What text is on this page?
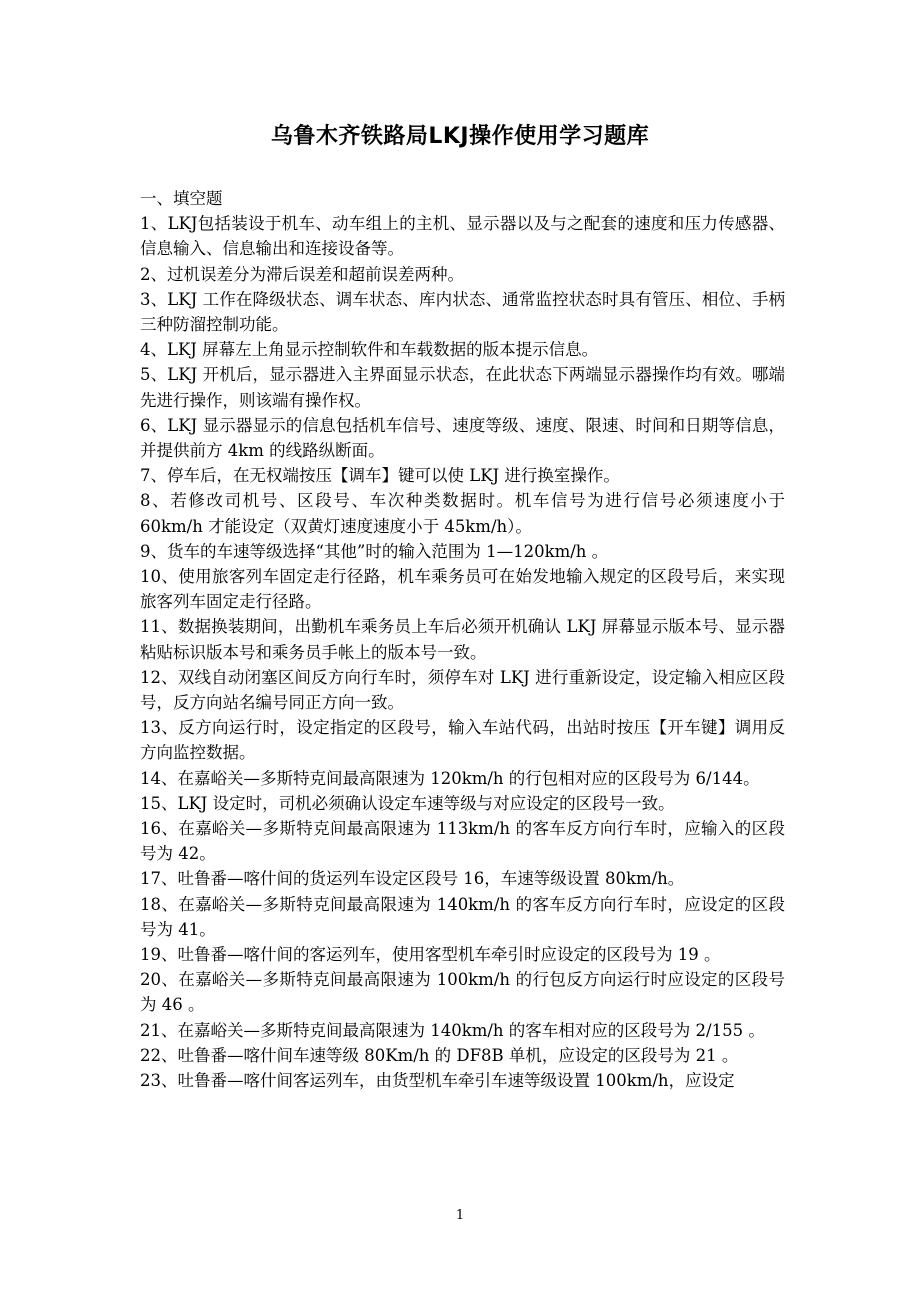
乌鲁木齐铁路局LKJ操作使用学习题库

一、填空题

1、LKJ包括装设于机车、动车组上的主机、显示器以及与之配套的速度和压力传感器、信息输入、信息输出和连接设备等。

2、过机误差分为滞后误差和超前误差两种。

3、LKJ 工作在降级状态、调车状态、库内状态、通常监控状态时具有管压、相位、手柄三种防溜控制功能。

4、LKJ 屏幕左上角显示控制软件和车载数据的版本提示信息。

5、LKJ 开机后，显示器进入主界面显示状态，在此状态下两端显示器操作均有效。哪端先进行操作，则该端有操作权。

6、LKJ 显示器显示的信息包括机车信号、速度等级、速度、限速、时间和日期等信息，并提供前方 4km 的线路纵断面。

7、停车后，在无权端按压【调车】键可以使 LKJ 进行换室操作。

8、若修改司机号、区段号、车次种类数据时。机车信号为进行信号必须速度小于 60km/h 才能设定（双黄灯速度速度小于 45km/h）。

9、货车的车速等级选择“其他”时的输入范围为 1—120km/h 。

10、使用旅客列车固定走行径路，机车乘务员可在始发地输入规定的区段号后，来实现旅客列车固定走行径路。

11、数据换装期间，出勤机车乘务员上车后必须开机确认 LKJ 屏幕显示版本号、显示器粘贴标识版本号和乘务员手帐上的版本号一致。

12、双线自动闭塞区间反方向行车时，须停车对 LKJ 进行重新设定，设定输入相应区段号，反方向站名编号同正方向一致。

13、反方向运行时，设定指定的区段号，输入车站代码，出站时按压【开车键】调用反方向监控数据。

14、在嘉峪关—多斯特克间最高限速为 120km/h 的行包相对应的区段号为 6/144。

15、LKJ 设定时，司机必须确认设定车速等级与对应设定的区段号一致。

16、在嘉峪关—多斯特克间最高限速为 113km/h 的客车反方向行车时，应输入的区段号为 42。

17、吐鲁番—喀什间的货运列车设定区段号 16，车速等级设置 80km/h。

18、在嘉峪关—多斯特克间最高限速为 140km/h 的客车反方向行车时，应设定的区段号为 41。

19、吐鲁番—喀什间的客运列车，使用客型机车牵引时应设定的区段号为 19 。

20、在嘉峪关—多斯特克间最高限速为 100km/h 的行包反方向运行时应设定的区段号为 46 。

21、在嘉峪关—多斯特克间最高限速为 140km/h 的客车相对应的区段号为 2/155 。

22、吐鲁番—喀什间车速等级 80Km/h 的 DF8B 单机，应设定的区段号为 21 。

23、吐鲁番—喀什间客运列车，由货型机车牵引车速等级设置 100km/h，应设定

1
